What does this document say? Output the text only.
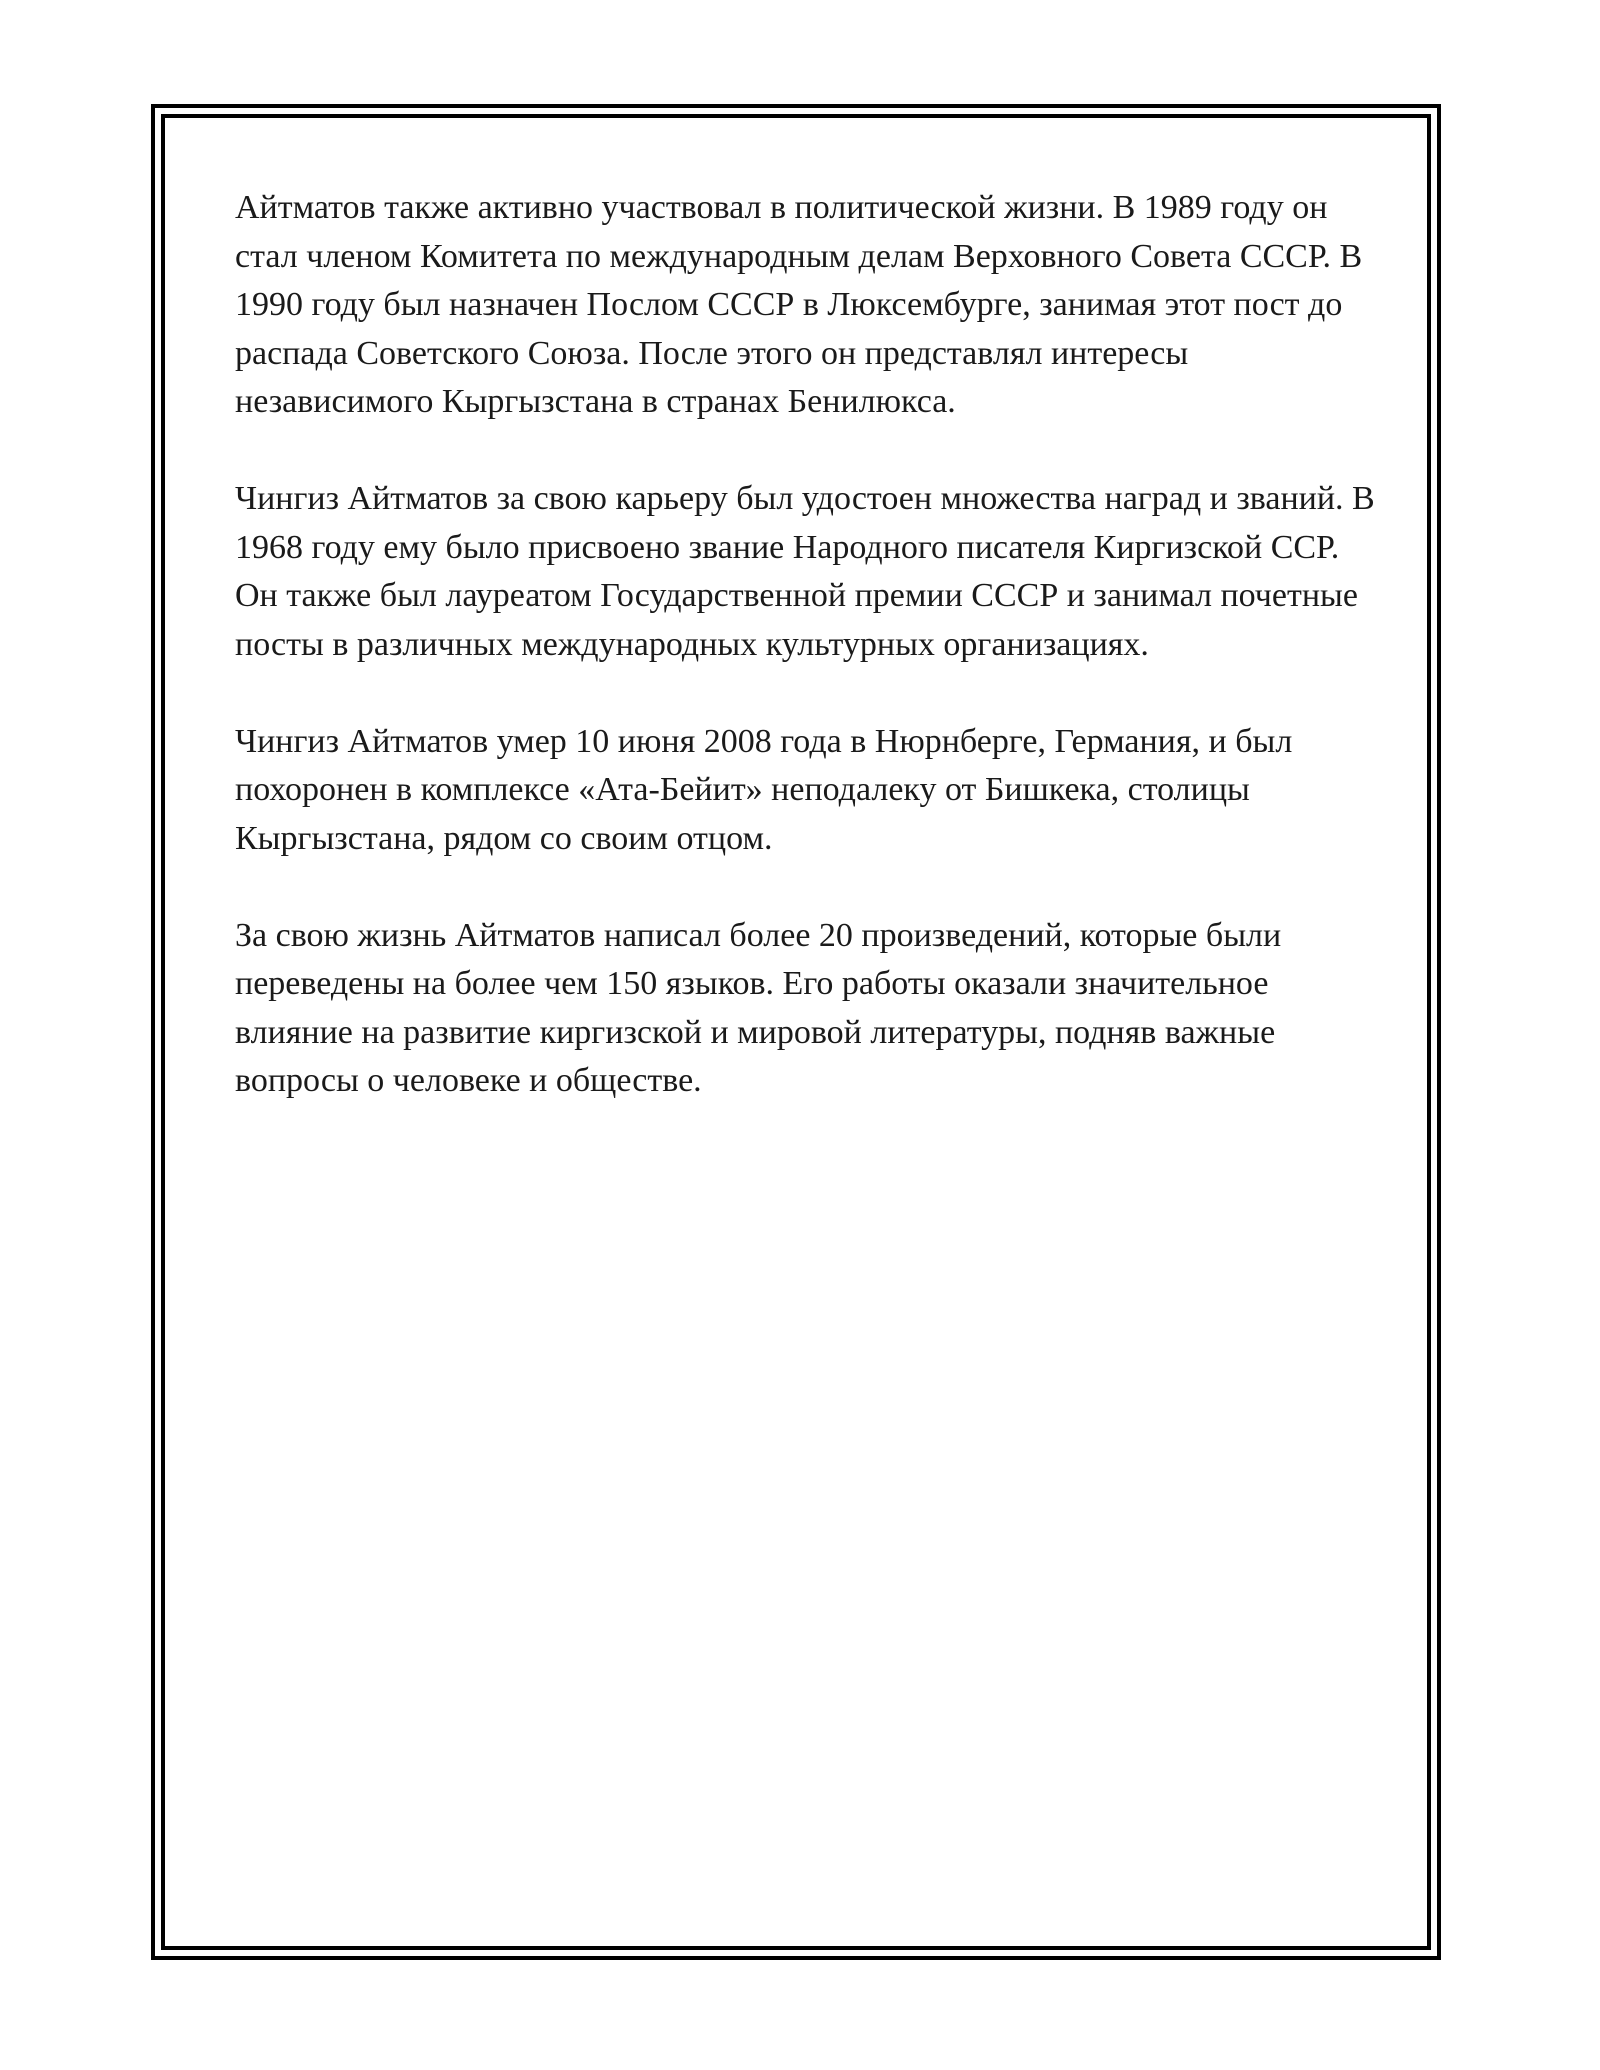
Айтматов также активно участвовал в политической жизни. В 1989 году он стал членом Комитета по международным делам Верховного Совета СССР. В 1990 году был назначен Послом СССР в Люксембурге, занимая этот пост до распада Советского Союза. После этого он представлял интересы независимого Кыргызстана в странах Бенилюкса.

Чингиз Айтматов за свою карьеру был удостоен множества наград и званий. В 1968 году ему было присвоено звание Народного писателя Киргизской ССР. Он также был лауреатом Государственной премии СССР и занимал почетные посты в различных международных культурных организациях.

Чингиз Айтматов умер 10 июня 2008 года в Нюрнберге, Германия, и был похоронен в комплексе «Ата-Бейит» неподалеку от Бишкека, столицы Кыргызстана, рядом со своим отцом.

За свою жизнь Айтматов написал более 20 произведений, которые были переведены на более чем 150 языков. Его работы оказали значительное влияние на развитие киргизской и мировой литературы, подняв важные вопросы о человеке и обществе.
